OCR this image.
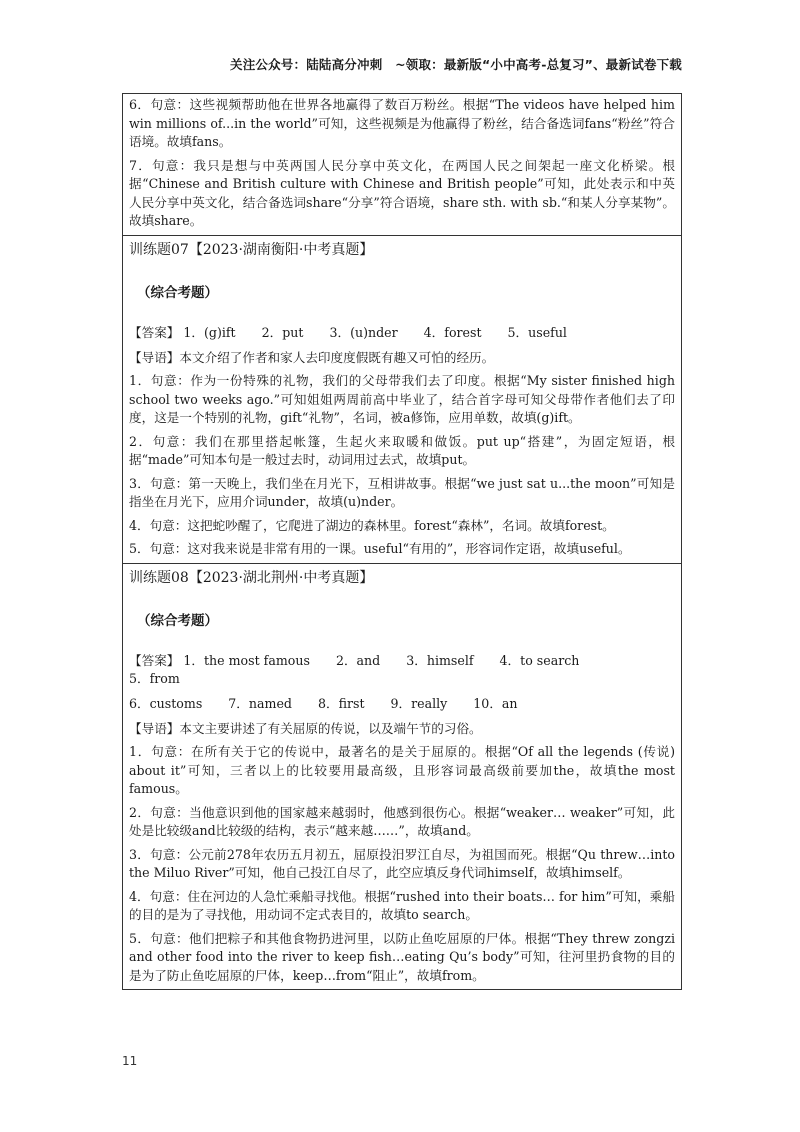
关注公众号：陆陆高分冲刺　~领取：最新版“小中高考-总复习”、最新试卷下载

6．句意：这些视频帮助他在世界各地赢得了数百万粉丝。根据“The videos have helped him win millions of...in the world”可知，这些视频是为他赢得了粉丝，结合备选词fans“粉丝”符合语境。故填fans。

7．句意：我只是想与中英两国人民分享中英文化，在两国人民之间架起一座文化桥梁。根据“Chinese and British culture with Chinese and British people”可知，此处表示和中英人民分享中英文化，结合备选词share“分享”符合语境，share sth. with sb.“和某人分享某物”。故填share。

训练题07【2023·湖南衡阳·中考真题】
（综合考题）
【答案】 1．(g)ift 2．put 3．(u)nder 4．forest 5．useful

【导语】本文介绍了作者和家人去印度度假既有趣又可怕的经历。

1．句意：作为一份特殊的礼物，我们的父母带我们去了印度。根据“My sister finished high school two weeks ago.”可知姐姐两周前高中毕业了，结合首字母可知父母带作者他们去了印度，这是一个特别的礼物，gift“礼物”，名词，被a修饰，应用单数，故填(g)ift。

2．句意：我们在那里搭起帐篷，生起火来取暖和做饭。put up“搭建”，为固定短语，根据“made”可知本句是一般过去时，动词用过去式，故填put。

3．句意：第一天晚上，我们坐在月光下，互相讲故事。根据“we just sat u...the moon”可知是指坐在月光下，应用介词under，故填(u)nder。

4．句意：这把蛇吵醒了，它爬进了湖边的森林里。forest“森林”，名词。故填forest。

5．句意：这对我来说是非常有用的一课。useful“有用的”，形容词作定语，故填useful。

训练题08【2023·湖北荆州·中考真题】
（综合考题）
【答案】 1．the most famous 2．and 3．himself 4．to search
5．from
6．customs 7．named 8．first 9．really 10．an

【导语】本文主要讲述了有关屈原的传说，以及端午节的习俗。

1．句意：在所有关于它的传说中，最著名的是关于屈原的。根据“Of all the legends (传说) about it”可知，三者以上的比较要用最高级，且形容词最高级前要加the，故填the most famous。

2．句意：当他意识到他的国家越来越弱时，他感到很伤心。根据“weaker… weaker”可知，此处是比较级and比较级的结构，表示“越来越……”，故填and。

3．句意：公元前278年农历五月初五，屈原投汨罗江自尽，为祖国而死。根据“Qu threw…into the Miluo River”可知，他自己投江自尽了，此空应填反身代词himself，故填himself。

4．句意：住在河边的人急忙乘船寻找他。根据“rushed into their boats… for him”可知，乘船的目的是为了寻找他，用动词不定式表目的，故填to search。

5．句意：他们把粽子和其他食物扔进河里，以防止鱼吃屈原的尸体。根据“They threw zongzi and other food into the river to keep fish…eating Qu’s body”可知，往河里扔食物的目的是为了防止鱼吃屈原的尸体，keep…from“阻止”，故填from。

11
